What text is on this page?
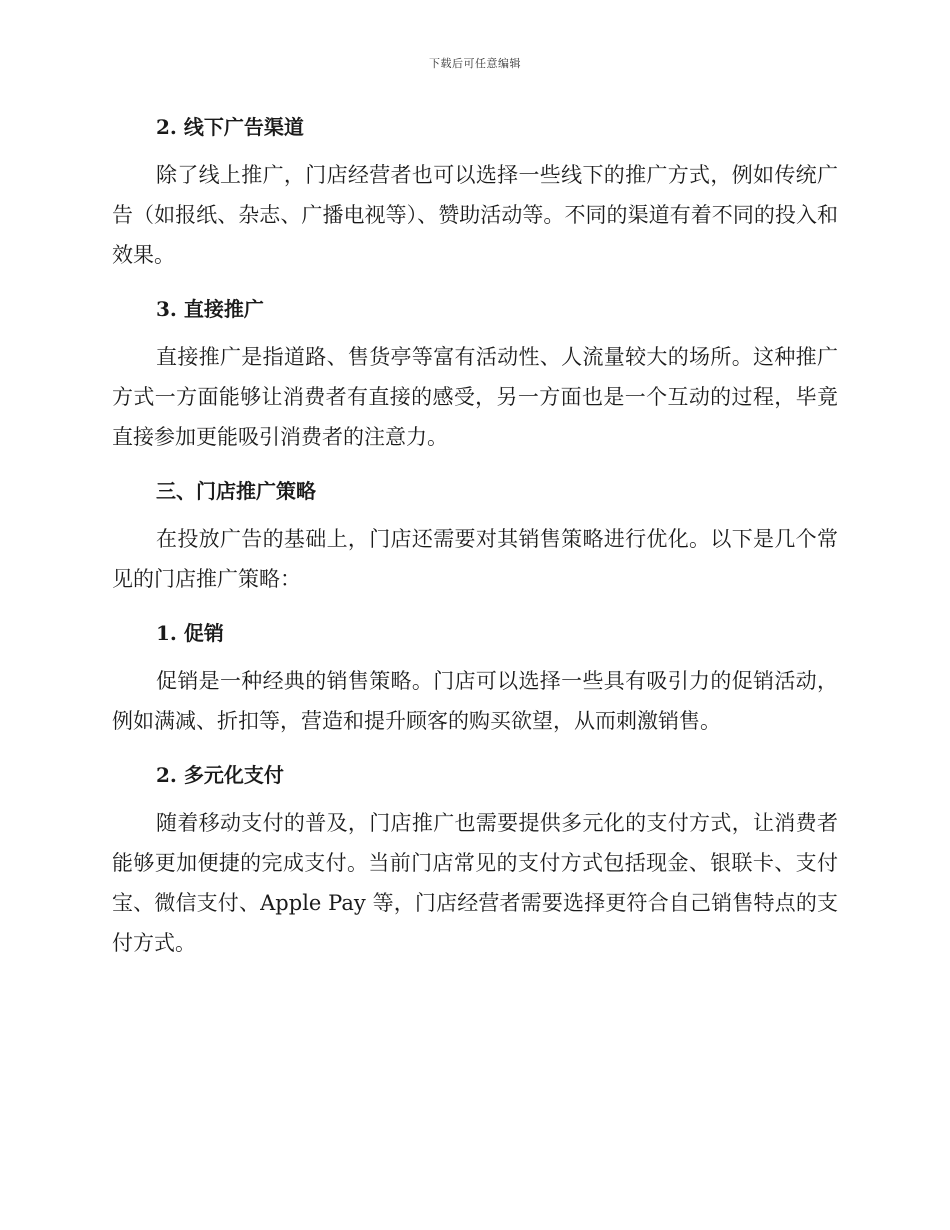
下载后可任意编辑
2. 线下广告渠道

除了线上推广，门店经营者也可以选择一些线下的推广方式，例如传统广告（如报纸、杂志、广播电视等）、赞助活动等。不同的渠道有着不同的投入和效果。

3. 直接推广

直接推广是指道路、售货亭等富有活动性、人流量较大的场所。这种推广方式一方面能够让消费者有直接的感受，另一方面也是一个互动的过程，毕竟直接参加更能吸引消费者的注意力。

三、门店推广策略

在投放广告的基础上，门店还需要对其销售策略进行优化。以下是几个常见的门店推广策略：

1. 促销

促销是一种经典的销售策略。门店可以选择一些具有吸引力的促销活动，例如满减、折扣等，营造和提升顾客的购买欲望，从而刺激销售。

2. 多元化支付

随着移动支付的普及，门店推广也需要提供多元化的支付方式，让消费者能够更加便捷的完成支付。当前门店常见的支付方式包括现金、银联卡、支付宝、微信支付、Apple Pay 等，门店经营者需要选择更符合自己销售特点的支付方式。
